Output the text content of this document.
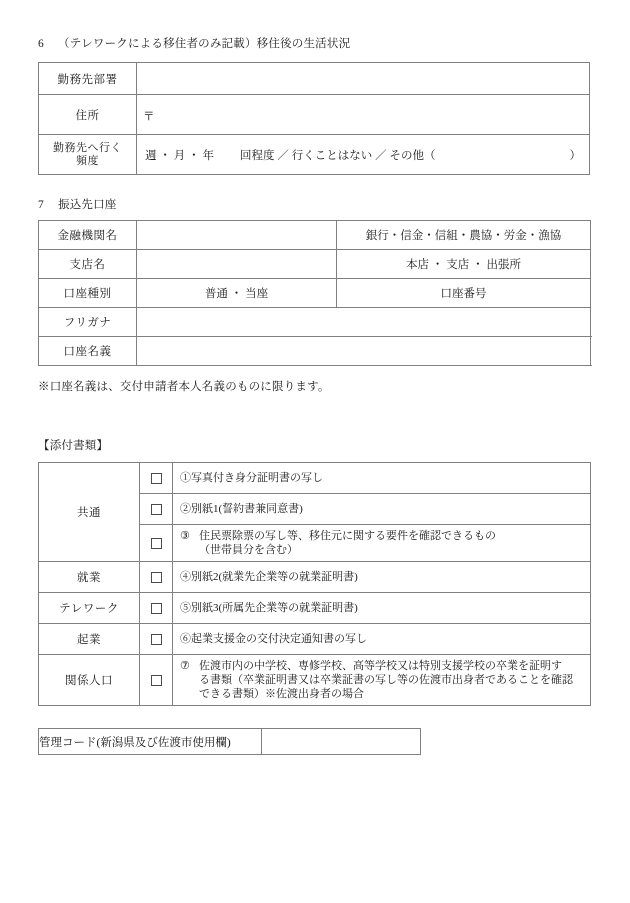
6 （テレワークによる移住者のみ記載）移住後の生活状況
勤務先部署	
住所	〒

勤務先へ行く
頻度	週 ・ 月 ・ 年 回程度 ／ 行くことはない ／ その他（ ）
7 振込先口座
金融機関名		銀行・信金・信組・農協・労金・漁協	
支店名		本店 ・ 支店 ・ 出張所	
口座種別	普通 ・ 当座	口座番号	
フリガナ			
口座名義			
※口座名義は、交付申請者本人名義のものに限ります。
【添付書類】
共通		①写真付き身分証明書の写し

		②別紙1(誓約書兼同意書)

		③ 住民票除票の写し等、移住元に関する要件を確認できるもの
（世帯員分を含む）

就業		④別紙2(就業先企業等の就業証明書)

テレワーク		⑤別紙3(所属先企業等の就業証明書)

起業		⑥起業支援金の交付決定通知書の写し

関係人口		⑦ 佐渡市内の中学校、専修学校、高等学校又は特別支援学校の卒業を証明す
る書類（卒業証明書又は卒業証書の写し等の佐渡市出身者であることを確認
できる書類）※佐渡出身者の場合
管理コード(新潟県及び佐渡市使用欄)	
